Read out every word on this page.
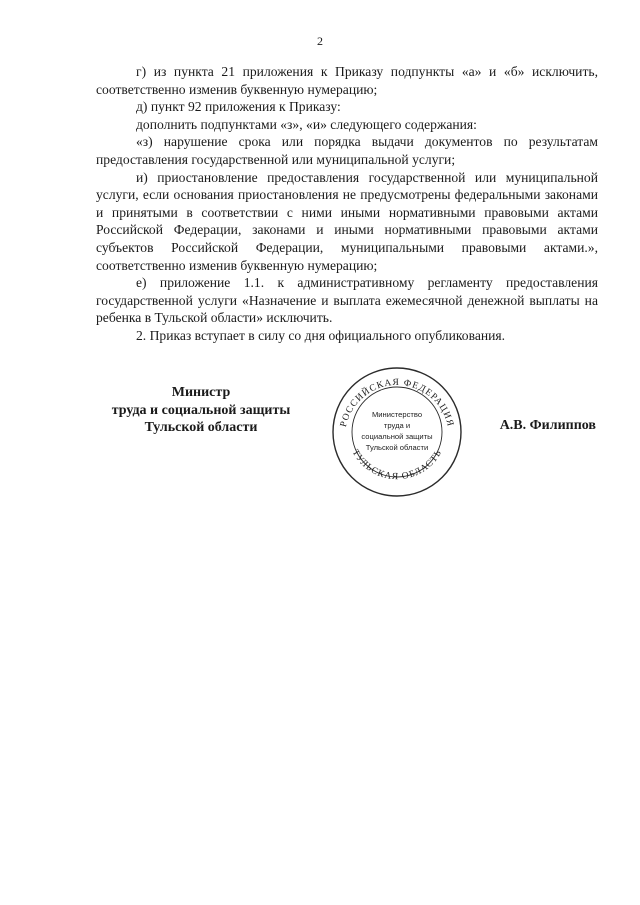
2

г) из пункта 21 приложения к Приказу подпункты «а» и «б» исключить, соответственно изменив буквенную нумерацию;

д) пункт 92 приложения к Приказу:

дополнить подпунктами «з», «и» следующего содержания:

«з) нарушение срока или порядка выдачи документов по результатам предоставления государственной или муниципальной услуги;

и) приостановление предоставления государственной или муниципальной услуги, если основания приостановления не предусмотрены федеральными законами и принятыми в соответствии с ними иными нормативными правовыми актами Российской Федерации, законами и иными нормативными правовыми актами субъектов Российской Федерации, муниципальными правовыми актами.», соответственно изменив буквенную нумерацию;

е) приложение 1.1. к административному регламенту предоставления государственной услуги «Назначение и выплата ежемесячной денежной выплаты на ребенка в Тульской области» исключить.

2. Приказ вступает в силу со дня официального опубликования.

Министр
труда и социальной защиты
Тульской области	РОССИЙСКАЯ ФЕДЕРАЦИЯ
ТУЛЬСКАЯ ОБЛАСТЬ
Министерство
труда и
социальной защиты
Тульской области
А.В. Филиппов
